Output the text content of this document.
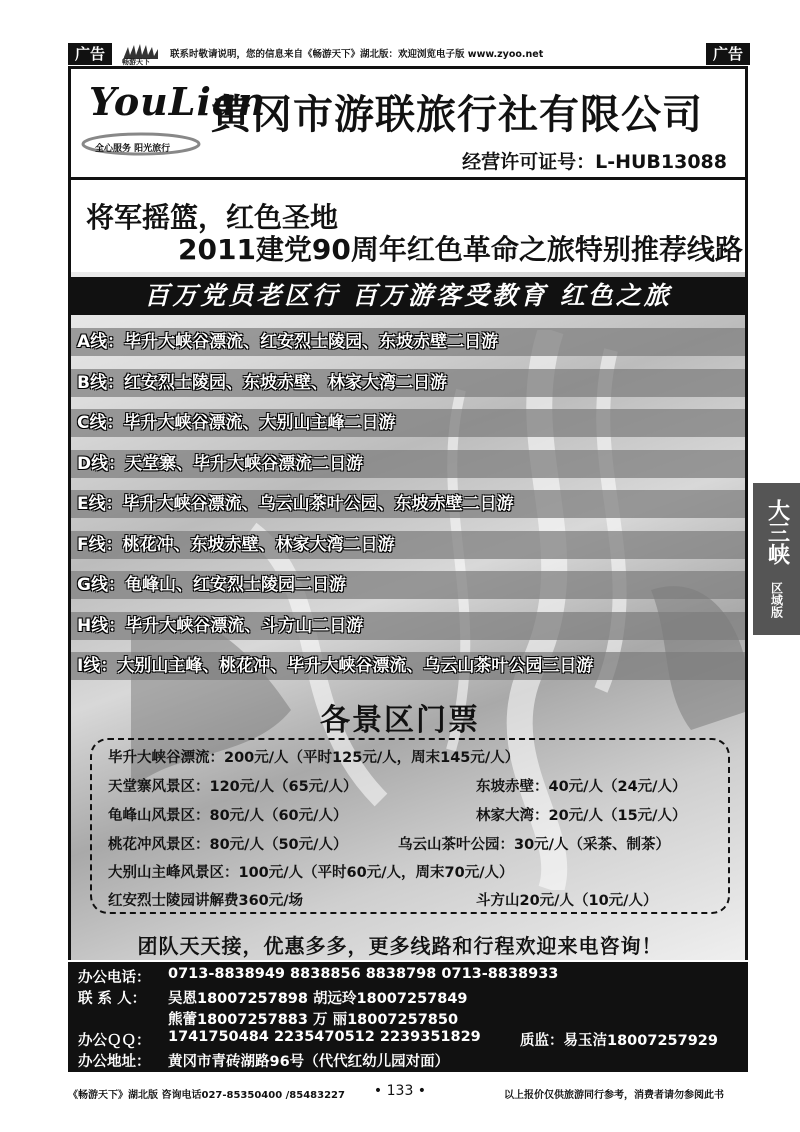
广告	畅游天下
联系时敬请说明，您的信息来自《畅游天下》湖北版：欢迎浏览电子版 www.zyoo.net	广告
YouLian
全心服务 阳光旅行
黄冈市游联旅行社有限公司
经营许可证号：L-HUB13088
将军摇篮，红色圣地
2011建党90周年红色革命之旅特别推荐线路
百万党员老区行 百万游客受教育 红色之旅
A线：毕升大峡谷漂流、红安烈士陵园、东坡赤壁二日游
B线：红安烈士陵园、东坡赤壁、林家大湾二日游
C线：毕升大峡谷漂流、大别山主峰二日游
D线：天堂寨、毕升大峡谷漂流二日游
E线：毕升大峡谷漂流、乌云山茶叶公园、东坡赤壁二日游
F线：桃花冲、东坡赤壁、林家大湾二日游
G线：龟峰山、红安烈士陵园二日游
H线：毕升大峡谷漂流、斗方山二日游
I线：大别山主峰、桃花冲、毕升大峡谷漂流、乌云山茶叶公园三日游
各景区门票
毕升大峡谷漂流：200元/人（平时125元/人，周末145元/人）
天堂寨风景区：120元/人（65元/人）	东坡赤壁：40元/人（24元/人）
龟峰山风景区：80元/人（60元/人）	林家大湾：20元/人（15元/人）
桃花冲风景区：80元/人（50元/人）	乌云山茶叶公园：30元/人（采茶、制茶）
大别山主峰风景区：100元/人（平时60元/人，周末70元/人）
红安烈士陵园讲解费360元/场	斗方山20元/人（10元/人）
团队天天接，优惠多多，更多线路和行程欢迎来电咨询！
办公电话： 0713-8838949 8838856 8838798 0713-8838933
联 系 人： 吴恩18007257898 胡远玲18007257849
熊蕾18007257883 万 丽18007257850
办公ＱＱ： 1741750484 2235470512 2239351829	质监：易玉洁18007257929
办公地址： 黄冈市青砖湖路96号（代代红幼儿园对面）
《畅游天下》湖北版 咨询电话027-85350400 /85483227	• 133 •	以上报价仅供旅游同行参考，消费者请勿参阅此书
大三峡
区域版
